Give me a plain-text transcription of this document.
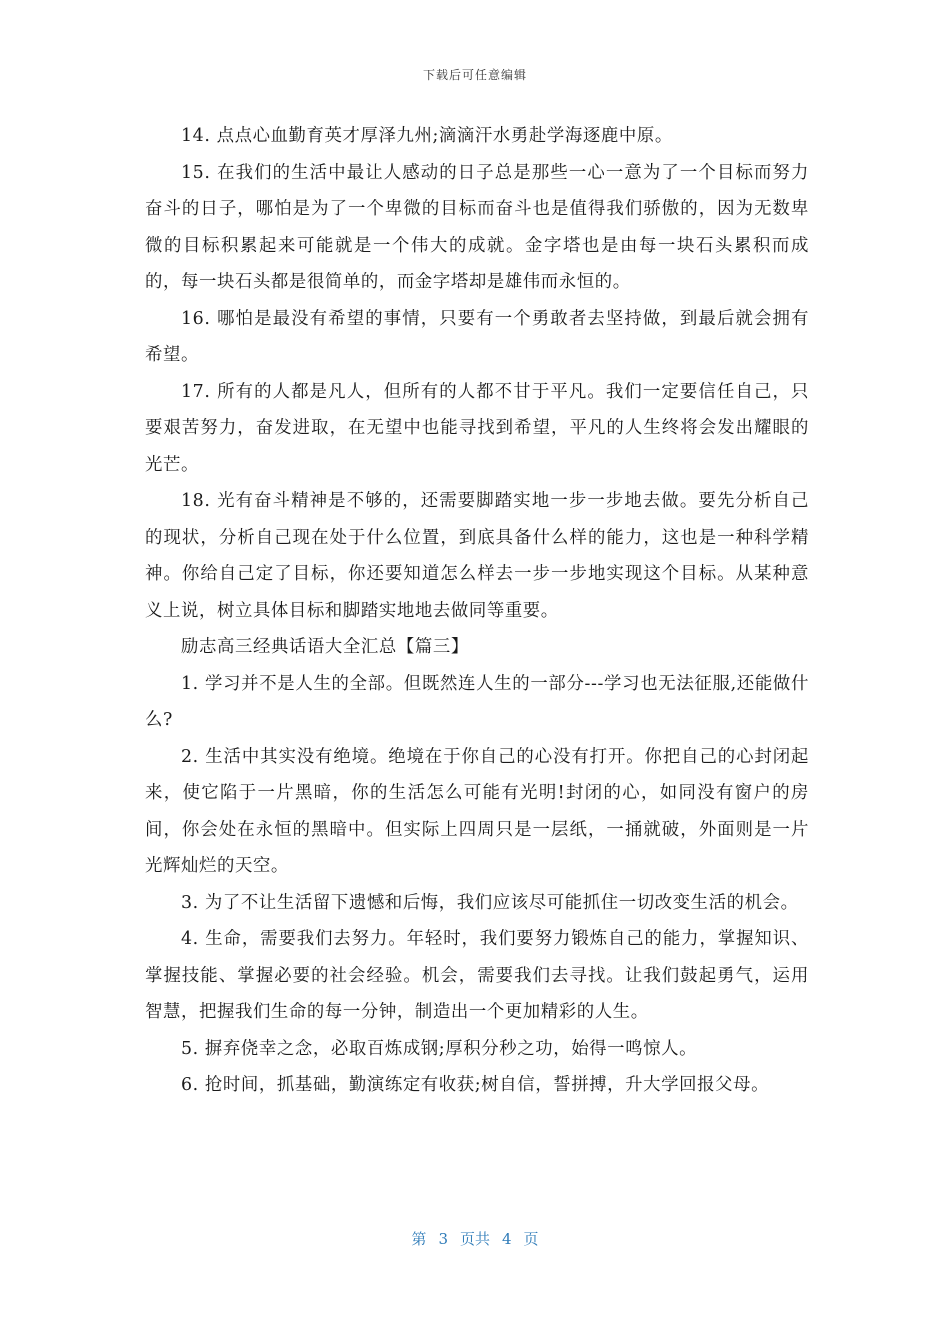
下载后可任意编辑

14. 点点心血勤育英才厚泽九州;滴滴汗水勇赴学海逐鹿中原。

15. 在我们的生活中最让人感动的日子总是那些一心一意为了一个目标而努力奋斗的日子，哪怕是为了一个卑微的目标而奋斗也是值得我们骄傲的，因为无数卑微的目标积累起来可能就是一个伟大的成就。金字塔也是由每一块石头累积而成的，每一块石头都是很简单的，而金字塔却是雄伟而永恒的。

16. 哪怕是最没有希望的事情，只要有一个勇敢者去坚持做，到最后就会拥有希望。

17. 所有的人都是凡人，但所有的人都不甘于平凡。我们一定要信任自己，只要艰苦努力，奋发进取，在无望中也能寻找到希望，平凡的人生终将会发出耀眼的光芒。

18. 光有奋斗精神是不够的，还需要脚踏实地一步一步地去做。要先分析自己的现状，分析自己现在处于什么位置，到底具备什么样的能力，这也是一种科学精神。你给自己定了目标，你还要知道怎么样去一步一步地实现这个目标。从某种意义上说，树立具体目标和脚踏实地地去做同等重要。

励志高三经典话语大全汇总【篇三】

1. 学习并不是人生的全部。但既然连人生的一部分---学习也无法征服,还能做什么?

2. 生活中其实没有绝境。绝境在于你自己的心没有打开。你把自己的心封闭起来，使它陷于一片黑暗，你的生活怎么可能有光明!封闭的心，如同没有窗户的房间，你会处在永恒的黑暗中。但实际上四周只是一层纸，一捅就破，外面则是一片光辉灿烂的天空。

3. 为了不让生活留下遗憾和后悔，我们应该尽可能抓住一切改变生活的机会。

4. 生命，需要我们去努力。年轻时，我们要努力锻炼自己的能力，掌握知识、掌握技能、掌握必要的社会经验。机会，需要我们去寻找。让我们鼓起勇气，运用智慧，把握我们生命的每一分钟，制造出一个更加精彩的人生。

5. 摒弃侥幸之念，必取百炼成钢;厚积分秒之功，始得一鸣惊人。

6. 抢时间，抓基础，勤演练定有收获;树自信，誓拼搏，升大学回报父母。

第 3 页共 4 页
